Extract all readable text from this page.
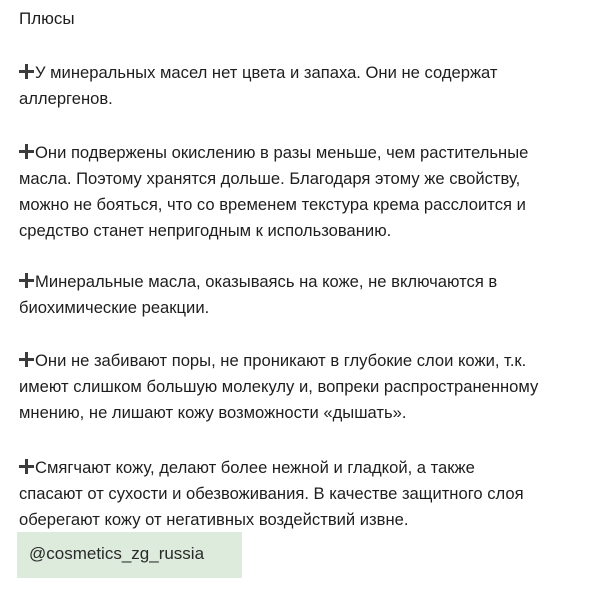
Плюсы

У минеральных масел нет цвета и запаха. Они не содержат
аллергенов.

Они подвержены окислению в разы меньше, чем растительные
масла. Поэтому хранятся дольше. Благодаря этому же свойству,
можно не бояться, что со временем текстура крема расслоится и
средство станет непригодным к использованию.

Минеральные масла, оказываясь на коже, не включаются в
биохимические реакции.

Они не забивают поры, не проникают в глубокие слои кожи, т.к.
имеют слишком большую молекулу и, вопреки распространенному
мнению, не лишают кожу возможности «дышать».

Смягчают кожу, делают более нежной и гладкой, а также
спасают от сухости и обезвоживания. В качестве защитного слоя
оберегают кожу от негативных воздействий извне.

@cosmetics_zg_russia
